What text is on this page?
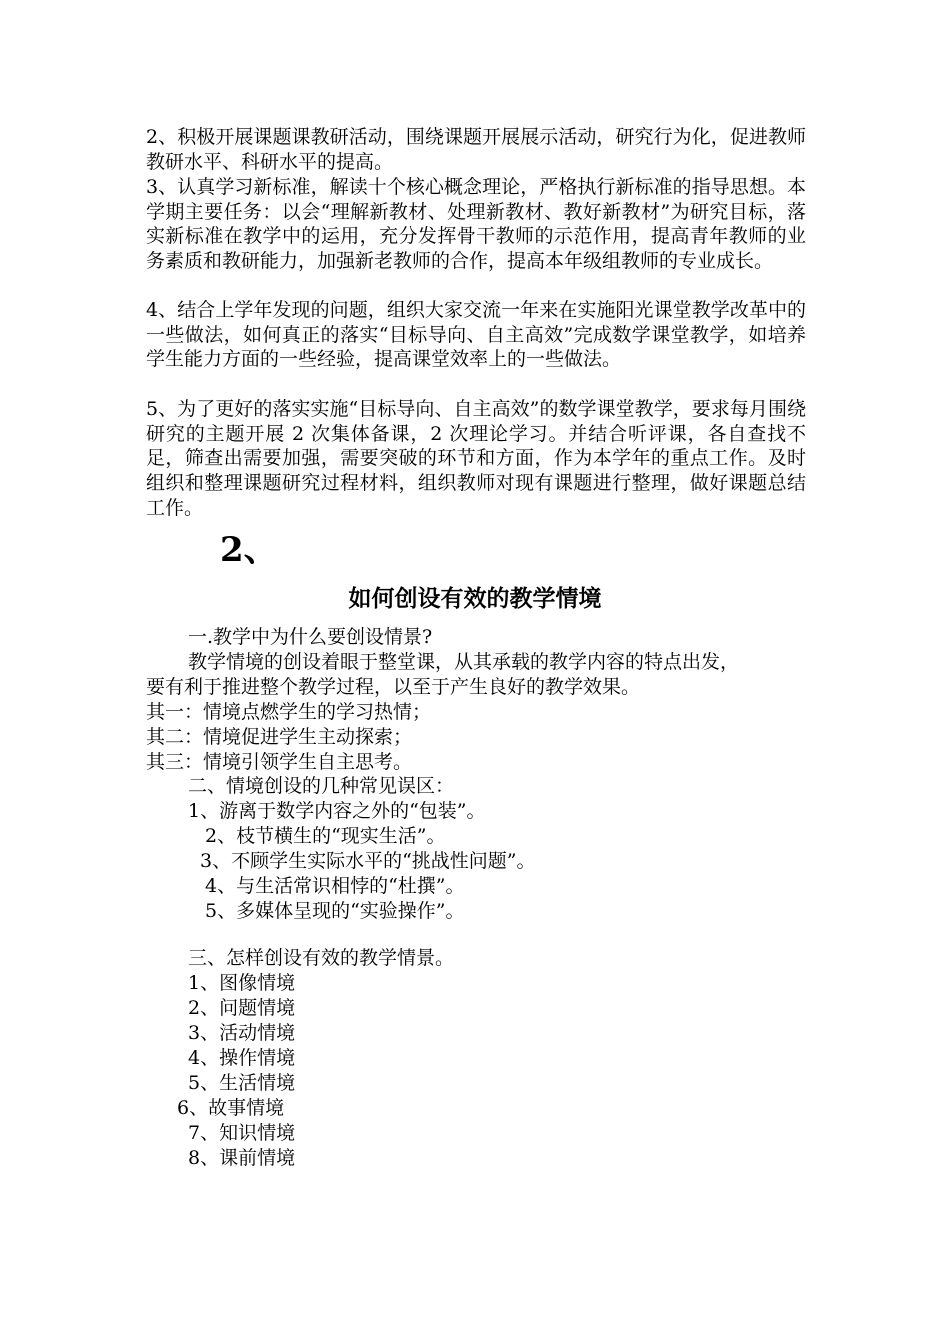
2、积极开展课题课教研活动，围绕课题开展展示活动，研究行为化，促进教师教研水平、科研水平的提高。
3、认真学习新标准，解读十个核心概念理论，严格执行新标准的指导思想。本学期主要任务：以会“理解新教材、处理新教材、教好新教材”为研究目标，落实新标准在教学中的运用，充分发挥骨干教师的示范作用，提高青年教师的业务素质和教研能力，加强新老教师的合作，提高本年级组教师的专业成长。
4、结合上学年发现的问题，组织大家交流一年来在实施阳光课堂教学改革中的一些做法，如何真正的落实“目标导向、自主高效”完成数学课堂教学，如培养学生能力方面的一些经验，提高课堂效率上的一些做法。
5、为了更好的落实实施“目标导向、自主高效”的数学课堂教学，要求每月围绕研究的主题开展 2 次集体备课，2 次理论学习。并结合听评课，各自查找不足，筛查出需要加强，需要突破的环节和方面，作为本学年的重点工作。及时组织和整理课题研究过程材料，组织教师对现有课题进行整理，做好课题总结工作。
2、
如何创设有效的教学情境
一.教学中为什么要创设情景?
教学情境的创设着眼于整堂课，从其承载的教学内容的特点出发，
要有利于推进整个教学过程，以至于产生良好的教学效果。
其一：情境点燃学生的学习热情；
其二：情境促进学生主动探索；
其三：情境引领学生自主思考。
二、情境创设的几种常见误区：
1、游离于数学内容之外的“包装”。
2、枝节横生的“现实生活”。
3、不顾学生实际水平的“挑战性问题”。
4、与生活常识相悖的“杜撰”。
5、多媒体呈现的“实验操作”。
三、怎样创设有效的教学情景。
1、图像情境
2、问题情境
3、活动情境
4、操作情境
5、生活情境
6、故事情境
7、知识情境
8、课前情境
